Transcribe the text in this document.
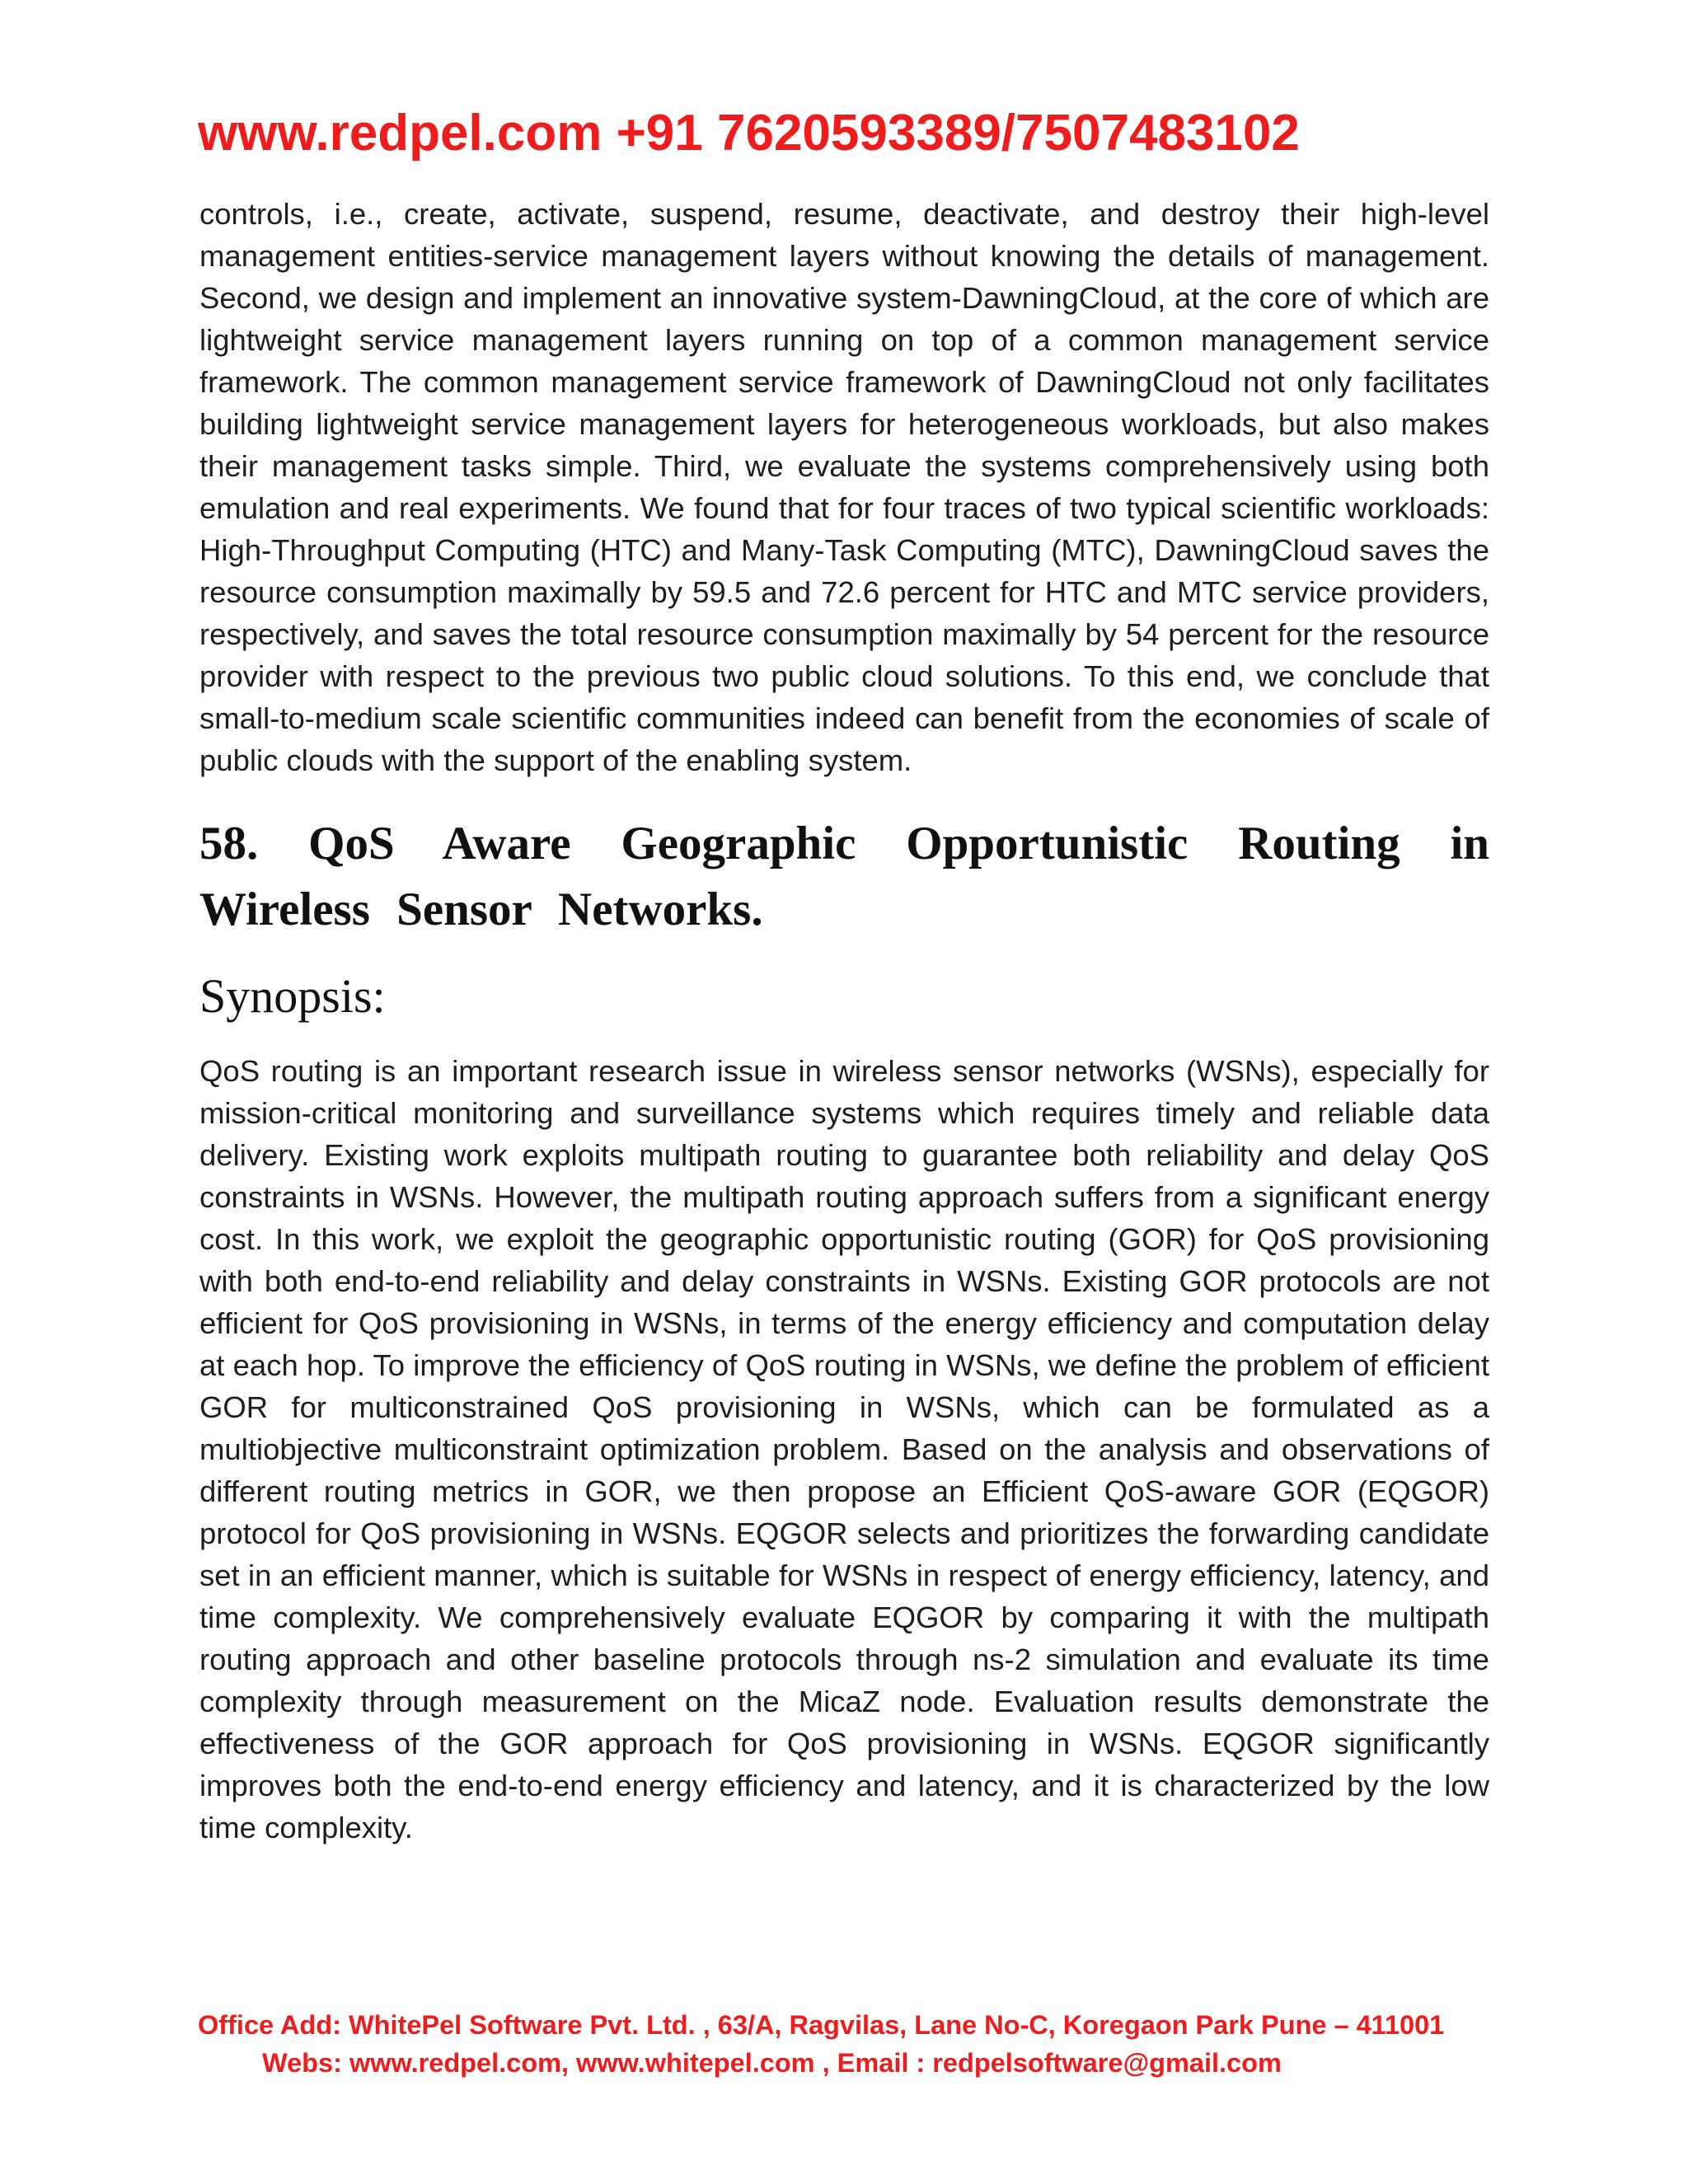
www.redpel.com +91 7620593389/7507483102

controls, i.e., create, activate, suspend, resume, deactivate, and destroy their high-level management entities-service management layers without knowing the details of management. Second, we design and implement an innovative system-DawningCloud, at the core of which are lightweight service management layers running on top of a common management service framework. The common management service framework of DawningCloud not only facilitates building lightweight service management layers for heterogeneous workloads, but also makes their management tasks simple. Third, we evaluate the systems comprehensively using both emulation and real experiments. We found that for four traces of two typical scientific workloads: High-Throughput Computing (HTC) and Many-Task Computing (MTC), DawningCloud saves the resource consumption maximally by 59.5 and 72.6 percent for HTC and MTC service providers, respectively, and saves the total resource consumption maximally by 54 percent for the resource provider with respect to the previous two public cloud solutions. To this end, we conclude that small-to-medium scale scientific communities indeed can benefit from the economies of scale of public clouds with the support of the enabling system.

58. QoS Aware Geographic Opportunistic Routing in Wireless Sensor Networks.
Synopsis:

QoS routing is an important research issue in wireless sensor networks (WSNs), especially for mission-critical monitoring and surveillance systems which requires timely and reliable data delivery. Existing work exploits multipath routing to guarantee both reliability and delay QoS constraints in WSNs. However, the multipath routing approach suffers from a significant energy cost. In this work, we exploit the geographic opportunistic routing (GOR) for QoS provisioning with both end-to-end reliability and delay constraints in WSNs. Existing GOR protocols are not efficient for QoS provisioning in WSNs, in terms of the energy efficiency and computation delay at each hop. To improve the efficiency of QoS routing in WSNs, we define the problem of efficient GOR for multiconstrained QoS provisioning in WSNs, which can be formulated as a multiobjective multiconstraint optimization problem. Based on the analysis and observations of different routing metrics in GOR, we then propose an Efficient QoS-aware GOR (EQGOR) protocol for QoS provisioning in WSNs. EQGOR selects and prioritizes the forwarding candidate set in an efficient manner, which is suitable for WSNs in respect of energy efficiency, latency, and time complexity. We comprehensively evaluate EQGOR by comparing it with the multipath routing approach and other baseline protocols through ns-2 simulation and evaluate its time complexity through measurement on the MicaZ node. Evaluation results demonstrate the effectiveness of the GOR approach for QoS provisioning in WSNs. EQGOR significantly improves both the end-to-end energy efficiency and latency, and it is characterized by the low time complexity.

Office Add: WhitePel Software Pvt. Ltd. , 63/A, Ragvilas, Lane No-C, Koregaon Park Pune – 411001
Webs: www.redpel.com, www.whitepel.com , Email : redpelsoftware@gmail.com
